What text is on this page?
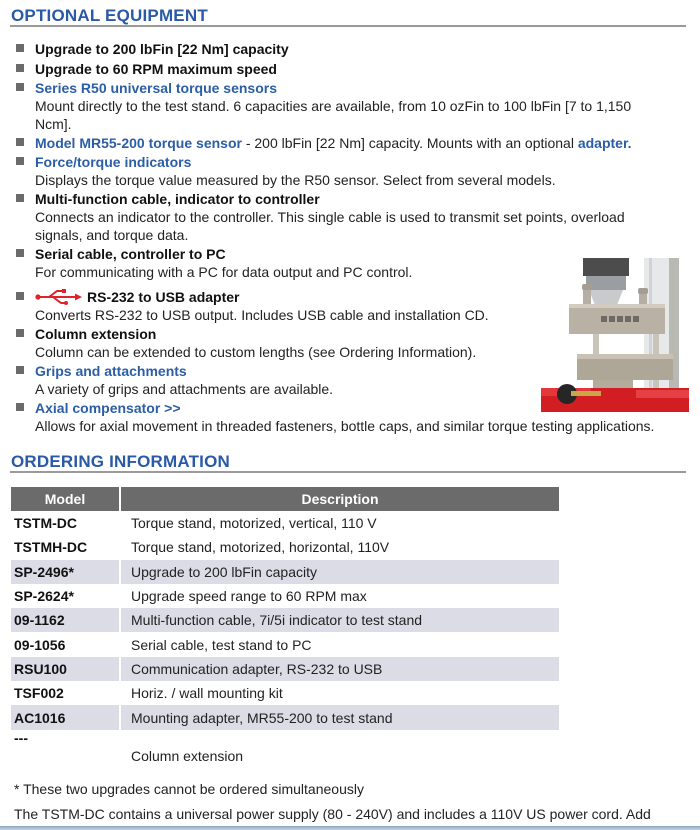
OPTIONAL EQUIPMENT
Upgrade to 200 lbFin [22 Nm] capacity
Upgrade to 60 RPM maximum speed
Series R50 universal torque sensors
Mount directly to the test stand. 6 capacities are available, from 10 ozFin to 100 lbFin [7 to 1,150
Ncm].
Model MR55-200 torque sensor - 200 lbFin [22 Nm] capacity. Mounts with an optional adapter.
Force/torque indicators
Displays the torque value measured by the R50 sensor. Select from several models.
Multi-function cable, indicator to controller
Connects an indicator to the controller. This single cable is used to transmit set points, overload
signals, and torque data.
Serial cable, controller to PC
For communicating with a PC for data output and PC control.
RS-232 to USB adapter
Converts RS-232 to USB output. Includes USB cable and installation CD.
Column extension
Column can be extended to custom lengths (see Ordering Information).
Grips and attachments
A variety of grips and attachments are available.
Axial compensator >>
Allows for axial movement in threaded fasteners, bottle caps, and similar torque testing applications.
ORDERING INFORMATION
Model	Description
TSTM-DC	Torque stand, motorized, vertical, 110 V
TSTMH-DC	Torque stand, motorized, horizontal, 110V
SP-2496*	Upgrade to 200 lbFin capacity
SP-2624*	Upgrade speed range to 60 RPM max
09-1162	Multi-function cable, 7i/5i indicator to test stand
09-1056	Serial cable, test stand to PC
RSU100	Communication adapter, RS-232 to USB
TSF002	Horiz. / wall mounting kit
AC1016	Mounting adapter, MR55-200 to test stand
---	Column extension
* These two upgrades cannot be ordered simultaneously
The TSTM-DC contains a universal power supply (80 - 240V) and includes a 110V US power cord. Add
